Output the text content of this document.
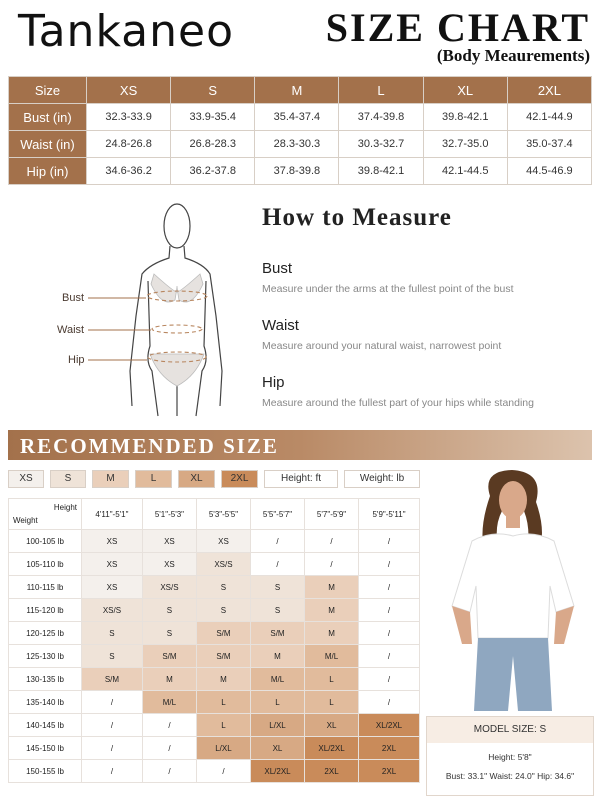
Tankaneo SIZE CHART
(Body Meaurements)
Size	XS	S	M	L	XL	2XL
Bust (in)	32.3-33.9	33.9-35.4	35.4-37.4	37.4-39.8	39.8-42.1	42.1-44.9
Waist (in)	24.8-26.8	26.8-28.3	28.3-30.3	30.3-32.7	32.7-35.0	35.0-37.4
Hip (in)	34.6-36.2	36.2-37.8	37.8-39.8	39.8-42.1	42.1-44.5	44.5-46.9
Bust
Waist
Hip
How to Measure
Bust
Measure under the arms at the fullest point of the bust
Waist
Measure around your natural waist, narrowest point
Hip
Measure around the fullest part of your hips while standing
RECOMMENDED SIZE
XS	S	M	L	XL	2XL	Height: ft	Weight: lb
Height
Weight	4'11"-5'1"	5'1"-5'3"	5'3"-5'5"	5'5"-5'7"	5'7"-5'9"	5'9"-5'11"
100-105 lb	XS	XS	XS	/	/	/
105-110 lb	XS	XS	XS/S	/	/	/
110-115 lb	XS	XS/S	S	S	M	/
115-120 lb	XS/S	S	S	S	M	/
120-125 lb	S	S	S/M	S/M	M	/
125-130 lb	S	S/M	S/M	M	M/L	/
130-135 lb	S/M	M	M	M/L	L	/
135-140 lb	/	M/L	L	L	L	/
140-145 lb	/	/	L	L/XL	XL	XL/2XL
145-150 lb	/	/	L/XL	XL	XL/2XL	2XL
150-155 lb	/	/	/	XL/2XL	2XL	2XL
MODEL SIZE: S
Height: 5'8"
Bust: 33.1" Waist: 24.0" Hip: 34.6"
